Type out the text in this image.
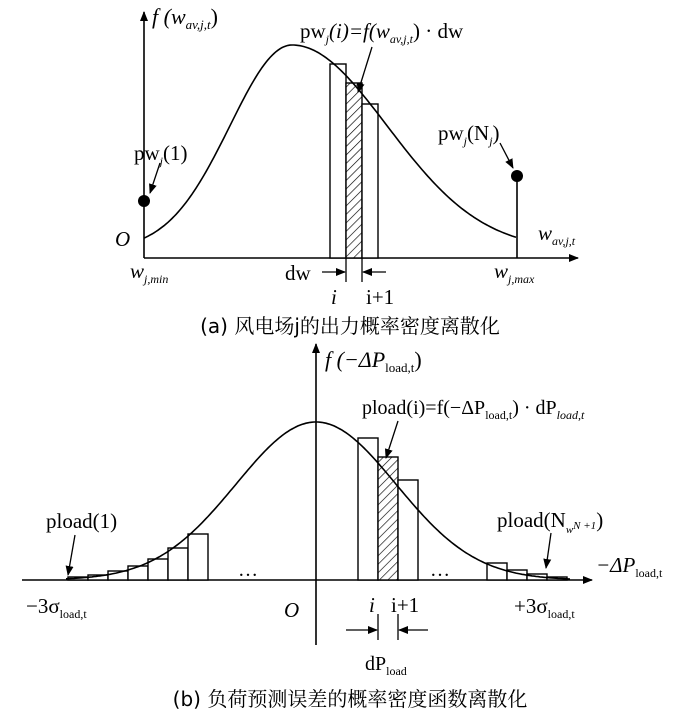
f $(w_{av,j,t})$
$pw_j(i)=f(w_{av,j,t})$ · dw
$pw_j(1)$
$pw_j(N_j)$
O	$w_{av,j,t}$
$w_{j,min}$	$w_{j,max}$
dw
i i+1
(a) 风电场j的出力概率密度离散化
f $(-\Delta P_{load,t})$
$pload(i)=f(-\Delta P_{load,t}) \cdot dP_{load,t}$
pload(1)	$pload(N_wN +1)$
$-\Delta P_{load,t}$
O
$-3\sigma_{load,t}$	$+3\sigma_{load,t}$
i i+1
$dP_{load}$
…	…
(b) 负荷预测误差的概率密度函数离散化
